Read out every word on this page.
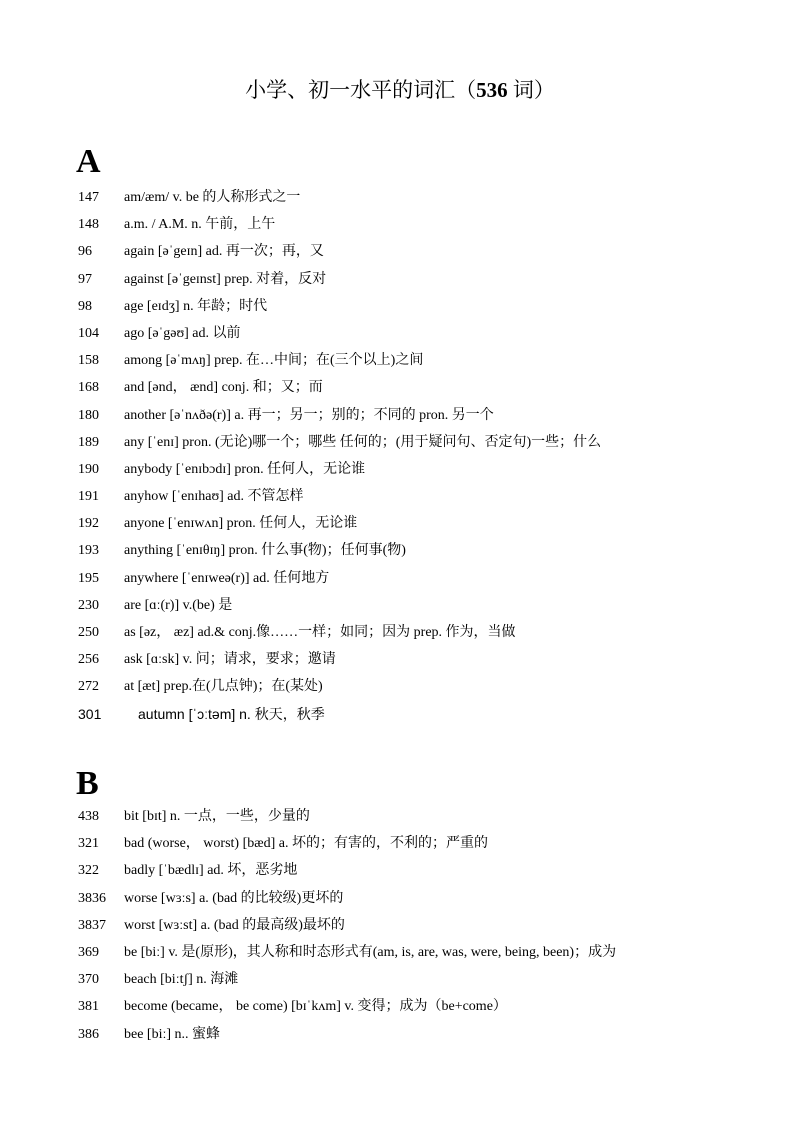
小学、初一水平的词汇（536 词）
A
147 am/æm/ v. be 的人称形式之一
148 a.m. / A.M. n. 午前，上午
96 again [əˈgeɪn] ad. 再一次；再，又
97 against [əˈgeɪnst] prep. 对着，反对
98 age [eɪdʒ] n. 年龄；时代
104 ago [əˈgəʊ] ad. 以前
158 among [əˈmʌŋ] prep. 在…中间；在(三个以上)之间
168 and [ənd， ænd] conj. 和；又；而
180 another [əˈnʌðə(r)] a. 再一；另一；别的；不同的 pron. 另一个
189 any [ˈenɪ] pron. (无论)哪一个；哪些 任何的；(用于疑问句、否定句)一些；什么
190 anybody [ˈenɪbɔdɪ] pron. 任何人，无论谁
191 anyhow [ˈenɪhaʊ] ad. 不管怎样
192 anyone [ˈenɪwʌn] pron. 任何人，无论谁
193 anything [ˈenɪθɪŋ] pron. 什么事(物)；任何事(物)
195 anywhere [ˈenɪweə(r)] ad. 任何地方
230 are [ɑː(r)] v.(be) 是
250 as [əz， æz] ad.& conj.像……一样；如同；因为 prep. 作为，当做
256 ask [ɑːsk] v. 问；请求，要求；邀请
272 at [æt] prep.在(几点钟)；在(某处)
301	autumn [ˈɔːtəm] n. 秋天，秋季
B
438 bit [bɪt] n. 一点，一些，少量的
321 bad (worse， worst) [bæd] a. 坏的；有害的，不利的；严重的
322 badly [ˈbædlɪ] ad. 坏，恶劣地
3836 worse [wɜːs] a. (bad 的比较级)更坏的
3837 worst [wɜːst] a. (bad 的最高级)最坏的
369 be [biː] v. 是(原形)，其人称和时态形式有(am, is, are, was, were, being, been)；成为
370 beach [biːtʃ] n. 海滩
381 become (became， be come) [bɪˈkʌm] v. 变得；成为（be+come）
386 bee [biː] n.. 蜜蜂
